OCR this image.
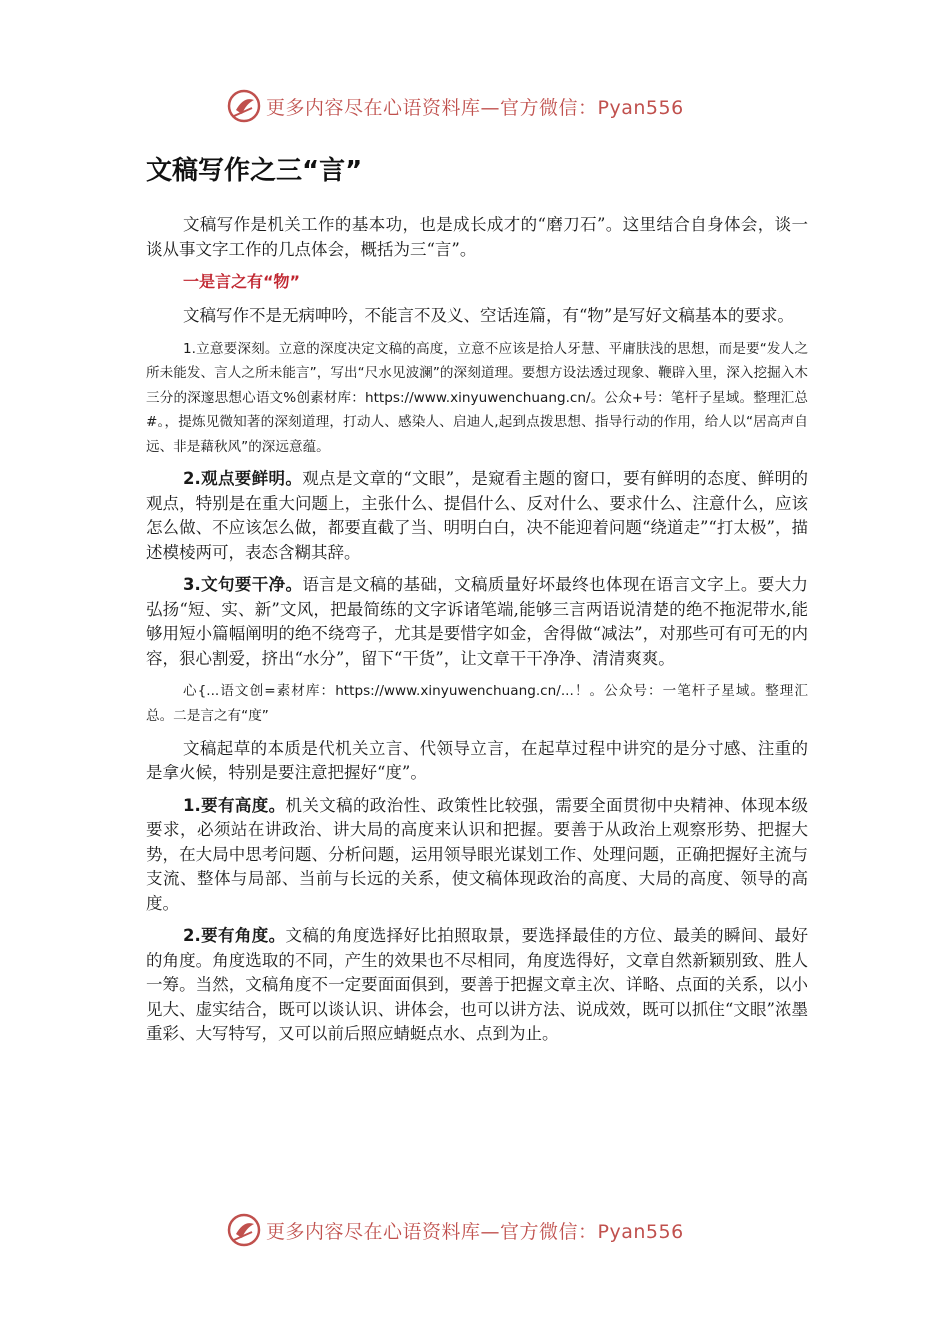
更多内容尽在心语资料库—官方微信：Pyan556
文稿写作之三“言”

文稿写作是机关工作的基本功，也是成长成才的“磨刀石”。这里结合自身体会，谈一谈从事文字工作的几点体会，概括为三“言”。

一是言之有“物”

文稿写作不是无病呻吟，不能言不及义、空话连篇，有“物”是写好文稿基本的要求。

1.立意要深刻。立意的深度决定文稿的高度，立意不应该是拾人牙慧、平庸肤浅的思想，而是要“发人之所未能发、言人之所未能言”，写出“尺水见波澜”的深刻道理。要想方设法透过现象、鞭辟入里，深入挖掘入木三分的深邃思想心语文%创素材库：https://www.xinyuwenchuang.cn/。公众+号：笔杆子星域。整理汇总#。，提炼见微知著的深刻道理，打动人、感染人、启迪人,起到点拨思想、指导行动的作用，给人以“居高声自远、非是藉秋风”的深远意蕴。

2.观点要鲜明。观点是文章的“文眼”，是窥看主题的窗口，要有鲜明的态度、鲜明的观点，特别是在重大问题上，主张什么、提倡什么、反对什么、要求什么、注意什么，应该怎么做、不应该怎么做，都要直截了当、明明白白，决不能迎着问题“绕道走”“打太极”，描述模棱两可，表态含糊其辞。

3.文句要干净。语言是文稿的基础，文稿质量好坏最终也体现在语言文字上。要大力弘扬“短、实、新”文风，把最简练的文字诉诸笔端,能够三言两语说清楚的绝不拖泥带水,能够用短小篇幅阐明的绝不绕弯子，尤其是要惜字如金，舍得做“减法”，对那些可有可无的内容，狠心割爱，挤出“水分”，留下“干货”，让文章干干净净、清清爽爽。

心{...语文创=素材库：https://www.xinyuwenchuang.cn/...！。公众号：一笔杆子星域。整理汇总。二是言之有“度”

文稿起草的本质是代机关立言、代领导立言，在起草过程中讲究的是分寸感、注重的是拿火候，特别是要注意把握好“度”。

1.要有高度。机关文稿的政治性、政策性比较强，需要全面贯彻中央精神、体现本级要求，必须站在讲政治、讲大局的高度来认识和把握。要善于从政治上观察形势、把握大势，在大局中思考问题、分析问题，运用领导眼光谋划工作、处理问题，正确把握好主流与支流、整体与局部、当前与长远的关系，使文稿体现政治的高度、大局的高度、领导的高度。

2.要有角度。文稿的角度选择好比拍照取景，要选择最佳的方位、最美的瞬间、最好的角度。角度选取的不同，产生的效果也不尽相同，角度选得好，文章自然新颖别致、胜人一筹。当然，文稿角度不一定要面面俱到，要善于把握文章主次、详略、点面的关系，以小见大、虚实结合，既可以谈认识、讲体会，也可以讲方法、说成效，既可以抓住“文眼”浓墨重彩、大写特写，又可以前后照应蜻蜓点水、点到为止。

更多内容尽在心语资料库—官方微信：Pyan556
